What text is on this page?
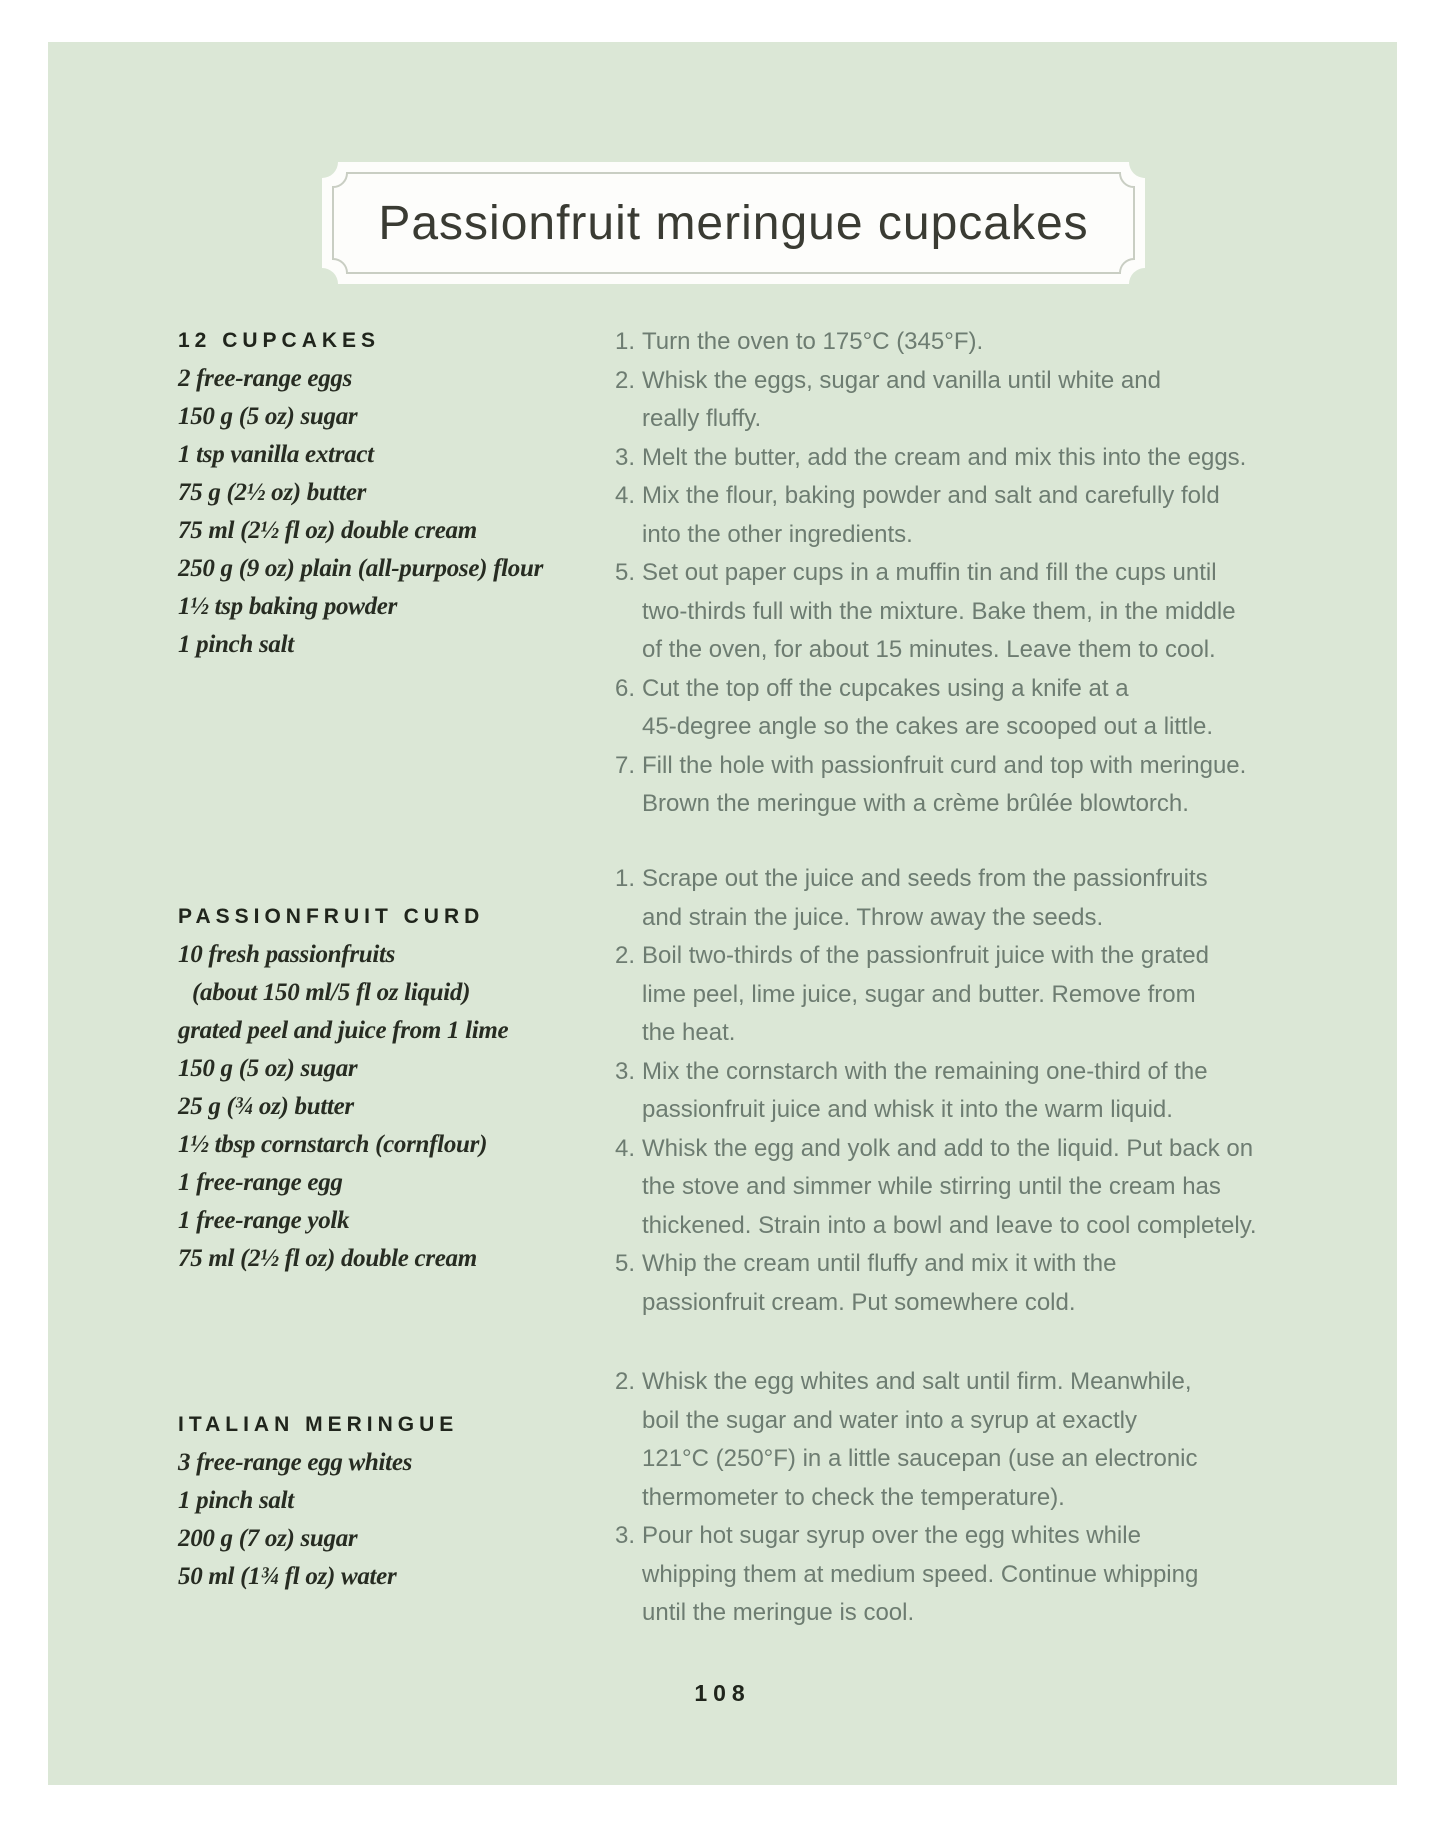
Passionfruit meringue cupcakes
12 CUPCAKES
2 free-range eggs
150 g (5 oz) sugar
1 tsp vanilla extract
75 g (2½ oz) butter
75 ml (2½ fl oz) double cream
250 g (9 oz) plain (all-purpose) flour
1½ tsp baking powder
1 pinch salt
PASSIONFRUIT CURD
10 fresh passionfruits
(about 150 ml/5 fl oz liquid)
grated peel and juice from 1 lime
150 g (5 oz) sugar
25 g (¾ oz) butter
1½ tbsp cornstarch (cornflour)
1 free-range egg
1 free-range yolk
75 ml (2½ fl oz) double cream
ITALIAN MERINGUE
3 free-range egg whites
1 pinch salt
200 g (7 oz) sugar
50 ml (1¾ fl oz) water
1. Turn the oven to 175°C (345°F).
2. Whisk the eggs, sugar and vanilla until white and
really fluffy.
3. Melt the butter, add the cream and mix this into the eggs.
4. Mix the flour, baking powder and salt and carefully fold
into the other ingredients.
5. Set out paper cups in a muffin tin and fill the cups until
two-thirds full with the mixture. Bake them, in the middle
of the oven, for about 15 minutes. Leave them to cool.
6. Cut the top off the cupcakes using a knife at a
45-degree angle so the cakes are scooped out a little.
7. Fill the hole with passionfruit curd and top with meringue.
Brown the meringue with a crème brûlée blowtorch.
1. Scrape out the juice and seeds from the passionfruits
and strain the juice. Throw away the seeds.
2. Boil two-thirds of the passionfruit juice with the grated
lime peel, lime juice, sugar and butter. Remove from
the heat.
3. Mix the cornstarch with the remaining one-third of the
passionfruit juice and whisk it into the warm liquid.
4. Whisk the egg and yolk and add to the liquid. Put back on
the stove and simmer while stirring until the cream has
thickened. Strain into a bowl and leave to cool completely.
5. Whip the cream until fluffy and mix it with the
passionfruit cream. Put somewhere cold.
2. Whisk the egg whites and salt until firm. Meanwhile,
boil the sugar and water into a syrup at exactly
121°C (250°F) in a little saucepan (use an electronic
thermometer to check the temperature).
3. Pour hot sugar syrup over the egg whites while
whipping them at medium speed. Continue whipping
until the meringue is cool.
108
